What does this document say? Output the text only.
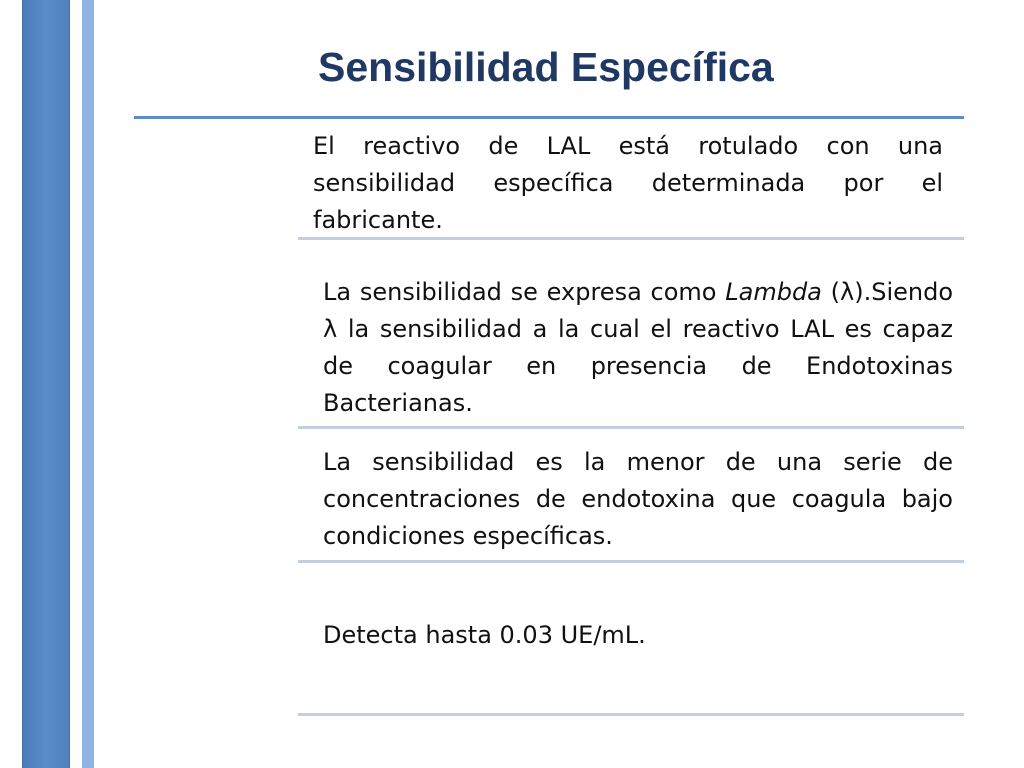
Sensibilidad Específica

El reactivo de LAL está rotulado con una sensibilidad específica determinada por el fabricante.

La sensibilidad se expresa como Lambda (λ).Siendo λ la sensibilidad a la cual el reactivo LAL es capaz de coagular en presencia de Endotoxinas Bacterianas.

La sensibilidad es la menor de una serie de concentraciones de endotoxina que coagula bajo condiciones específicas.

Detecta hasta 0.03 UE/mL.
